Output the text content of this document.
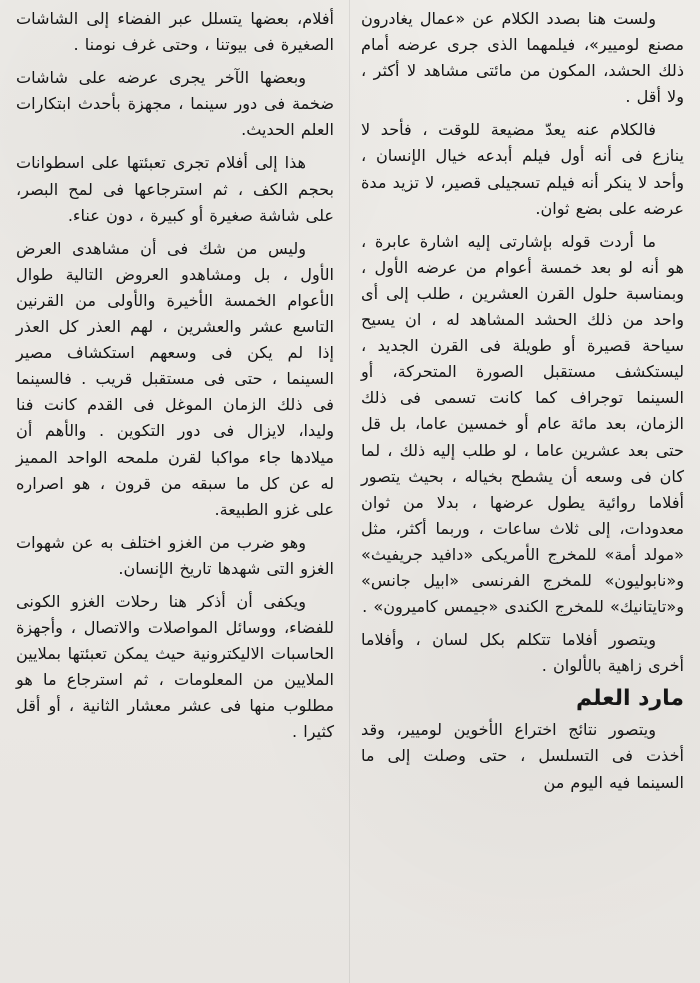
ولست هنا بصدد الكلام عن «عمال يغادرون مصنع لوميير»، فيلمهما الذى جرى عرضه أمام ذلك الحشد، المكون من مائتى مشاهد لا أكثر ، ولا أقل .

فالكلام عنه يعدّ مضيعة للوقت ، فأحد لا ينازع فى أنه أول فيلم أبدعه خيال الإنسان ، وأحد لا ينكر أنه فيلم تسجيلى قصير، لا تزيد مدة عرضه على بضع ثوان.

ما أردت قوله بإشارتى إليه اشارة عابرة ، هو أنه لو بعد خمسة أعوام من عرضه الأول ، وبمناسبة حلول القرن العشرين ، طلب إلى أى واحد من ذلك الحشد المشاهد له ، ان يسيح سياحة قصيرة أو طويلة فى القرن الجديد ، ليستكشف مستقبل الصورة المتحركة، أو السينما توجراف كما كانت تسمى فى ذلك الزمان، بعد مائة عام أو خمسين عاما، بل قل حتى بعد عشرين عاما ، لو طلب إليه ذلك ، لما كان فى وسعه أن يشطح بخياله ، بحيث يتصور أفلاما روائية يطول عرضها ، بدلا من ثوان معدودات، إلى ثلاث ساعات ، وربما أكثر، مثل «مولد أمة» للمخرج الأمريكى «دافيد جريفيث» و«نابوليون» للمخرج الفرنسى «ابيل جانس» و«تايتانيك» للمخرج الكندى «جيمس كاميرون» .

ويتصور أفلاما تتكلم بكل لسان ، وأفلاما أخرى زاهية بالألوان .

مارد العلم

ويتصور نتائج اختراع الأخوين لوميير، وقد أخذت فى التسلسل ، حتى وصلت إلى ما السينما فيه اليوم من

أفلام، بعضها يتسلل عبر الفضاء إلى الشاشات الصغيرة فى بيوتنا ، وحتى غرف نومنا .

وبعضها الآخر يجرى عرضه على شاشات ضخمة فى دور سينما ، مجهزة بأحدث ابتكارات العلم الحديث.

هذا إلى أفلام تجرى تعبئتها على اسطوانات بحجم الكف ، ثم استرجاعها فى لمح البصر، على شاشة صغيرة أو كبيرة ، دون عناء.

وليس من شك فى أن مشاهدى العرض الأول ، بل ومشاهدو العروض التالية طوال الأعوام الخمسة الأخيرة والأولى من القرنين التاسع عشر والعشرين ، لهم العذر كل العذر إذا لم يكن فى وسعهم استكشاف مصير السينما ، حتى فى مستقبل قريب . فالسينما فى ذلك الزمان الموغل فى القدم كانت فنا وليدا، لايزال فى دور التكوين . والأهم أن ميلادها جاء مواكبا لقرن ملمحه الواحد المميز له عن كل ما سبقه من قرون ، هو اصراره على غزو الطبيعة.

وهو ضرب من الغزو اختلف به عن شهوات الغزو التى شهدها تاريخ الإنسان.

ويكفى أن أذكر هنا رحلات الغزو الكونى للفضاء، ووسائل المواصلات والاتصال ، وأجهزة الحاسبات الاليكترونية حيث يمكن تعبئتها بملايين الملايين من المعلومات ، ثم استرجاع ما هو مطلوب منها فى عشر معشار الثانية ، أو أقل كثيرا .
